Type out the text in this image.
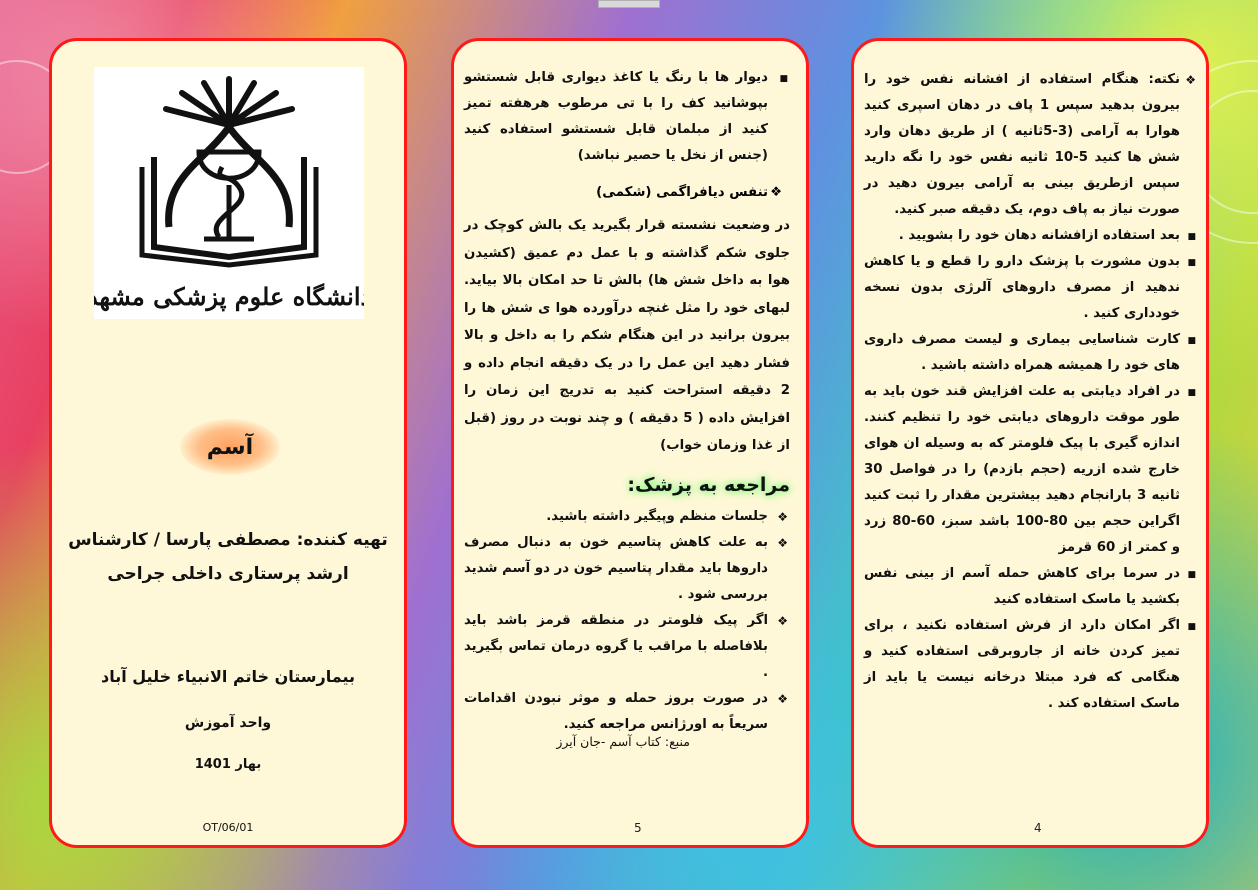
دانشگاه علوم پزشکی مشهد
آسم
تهیه کننده: مصطفی پارسا / کارشناس
ارشد پرستاری داخلی جراحی
بیمارستان خاتم الانبیاء خلیل آباد
واحد آموزش
بهار 1401
OT/06/01
■
دیوار ها با رنگ یا کاغذ دیواری قابل شستشو بپوشانید کف را با تی مرطوب هرهفته تمیز کنید از مبلمان قابل شستشو استفاده کنید (جنس از نخل یا حصیر نباشد)
❖
تنفس دیافراگمی (شکمی)

در وضعیت نشسته قرار بگیرید یک بالش کوچک در جلوی شکم گذاشته و با عمل دم عمیق (کشیدن هوا به داخل شش ها) بالش تا حد امکان بالا بیاید. لبهای خود را مثل غنچه درآورده هوا ی شش ها را بیرون برانید در این هنگام شکم را به داخل و بالا فشار دهید این عمل را در یک دقیقه انجام داده و 2 دقیقه استراحت کنید به تدریج این زمان را افزایش داده ( 5 دقیقه ) و چند نوبت در روز (قبل از غذا وزمان خواب)

مراجعه به پزشک:
❖
جلسات منظم وپیگیر داشته باشید.
❖
به علت کاهش پتاسیم خون به دنبال مصرف داروها باید مقدار پتاسیم خون در دو آسم شدید بررسی شود .
❖
اگر پیک فلومتر در منطقه قرمز باشد باید بلافاصله با مراقب یا گروه درمان تماس بگیرید .
❖
در صورت بروز حمله و موثر نبودن اقدامات سریعاً به اورژانس مراجعه کنید.
منبع: کتاب آسم -جان آیرز
5
❖
نکته: هنگام استفاده از افشانه نفس خود را بیرون بدهید سپس 1 پاف در دهان اسپری کنید هوارا به آرامی (3-5ثانیه ) از طریق دهان وارد شش ها کنید 5-10 ثانیه نفس خود را نگه دارید سپس ازطریق بینی به آرامی بیرون دهید در صورت نیاز به پاف دوم، یک دقیقه صبر کنید.
■
بعد استفاده ازافشانه دهان خود را بشویید .
■
بدون مشورت با پزشک دارو را قطع و یا کاهش ندهید از مصرف داروهای آلرژی بدون نسخه خودداری کنید .
■
کارت شناسایی بیماری و لیست مصرف داروی های خود را همیشه همراه داشته باشید .
■
در افراد دیابتی به علت افزایش قند خون باید به طور موقت داروهای دیابتی خود را تنظیم کنند. اندازه گیری با پیک فلومتر که به وسیله ان هوای خارج شده ازریه (حجم بازدم) را در فواصل 30 ثانیه 3 بارانجام دهید بیشترین مقدار را ثبت کنید اگراین حجم بین 80-100 باشد سبز، 60-80 زرد و کمتر از 60 قرمز
■
در سرما برای کاهش حمله آسم از بینی نفس بکشید یا ماسک استفاده کنید
■
اگر امکان دارد از فرش استفاده نکنید ، برای تمیز کردن خانه از جاروبرقی استفاده کنید و هنگامی که فرد مبتلا درخانه نیست یا باید از ماسک استفاده کند .
4
